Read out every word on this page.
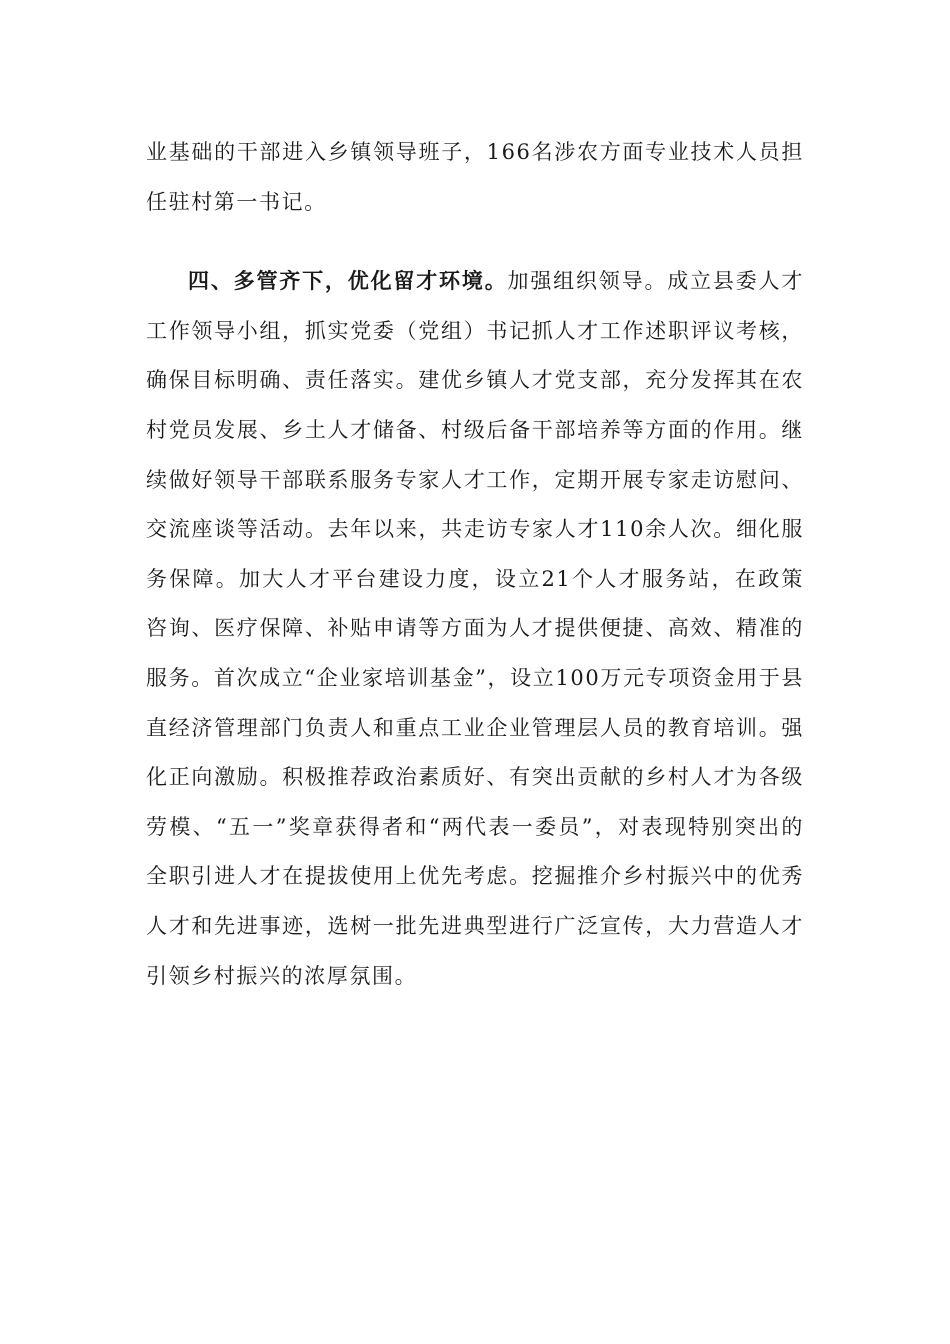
业基础的干部进入乡镇领导班子，166名涉农方面专业技术人员担任驻村第一书记。

四、多管齐下，优化留才环境。加强组织领导。成立县委人才工作领导小组，抓实党委（党组）书记抓人才工作述职评议考核，确保目标明确、责任落实。建优乡镇人才党支部，充分发挥其在农村党员发展、乡土人才储备、村级后备干部培养等方面的作用。继续做好领导干部联系服务专家人才工作，定期开展专家走访慰问、交流座谈等活动。去年以来，共走访专家人才110余人次。细化服务保障。加大人才平台建设力度，设立21个人才服务站，在政策咨询、医疗保障、补贴申请等方面为人才提供便捷、高效、精准的服务。首次成立“企业家培训基金”，设立100万元专项资金用于县直经济管理部门负责人和重点工业企业管理层人员的教育培训。强化正向激励。积极推荐政治素质好、有突出贡献的乡村人才为各级劳模、“五一”奖章获得者和“两代表一委员”，对表现特别突出的全职引进人才在提拔使用上优先考虑。挖掘推介乡村振兴中的优秀人才和先进事迹，选树一批先进典型进行广泛宣传，大力营造人才引领乡村振兴的浓厚氛围。
